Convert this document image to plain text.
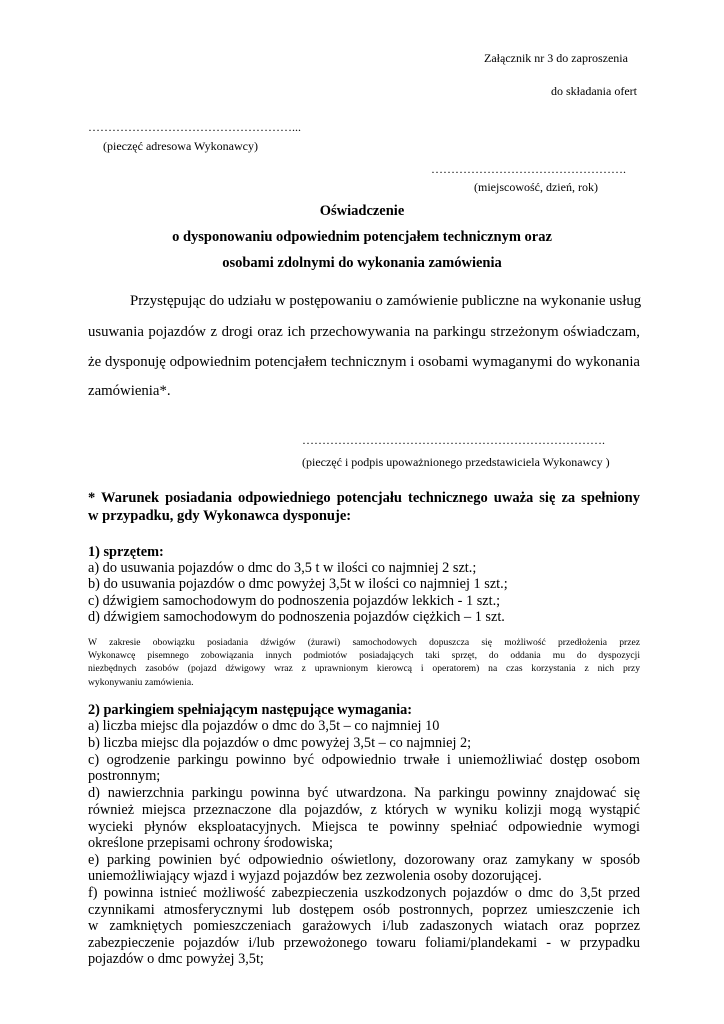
Załącznik nr 3 do zaproszenia
do składania ofert
……………………………………………...
(pieczęć adresowa Wykonawcy)
………………………………………….
(miejscowość, dzień, rok)
Oświadczenie
o dysponowaniu odpowiednim potencjałem technicznym oraz
osobami zdolnymi do wykonania zamówienia
Przystępując do udziału w postępowaniu o zamówienie publiczne na wykonanie usług
usuwania pojazdów z drogi oraz ich przechowywania na parkingu strzeżonym oświadczam,
że dysponuję odpowiednim potencjałem technicznym i osobami wymaganymi do wykonania
zamówienia*.
………………………………………………………………….
(pieczęć i podpis upoważnionego przedstawiciela Wykonawcy )
* Warunek posiadania odpowiedniego potencjału technicznego uważa się za spełniony
w przypadku, gdy Wykonawca dysponuje:
1) sprzętem:
a) do usuwania pojazdów o dmc do 3,5 t w ilości co najmniej 2 szt.;
b) do usuwania pojazdów o dmc powyżej 3,5t w ilości co najmniej 1 szt.;
c) dźwigiem samochodowym do podnoszenia pojazdów lekkich - 1 szt.;
d) dźwigiem samochodowym do podnoszenia pojazdów ciężkich – 1 szt.
W zakresie obowiązku posiadania dźwigów (żurawi) samochodowych dopuszcza się możliwość przedłożenia przez
Wykonawcę pisemnego zobowiązania innych podmiotów posiadających taki sprzęt, do oddania mu do dyspozycji
niezbędnych zasobów (pojazd dźwigowy wraz z uprawnionym kierowcą i operatorem) na czas korzystania z nich przy
wykonywaniu zamówienia.
2) parkingiem spełniającym następujące wymagania:
a) liczba miejsc dla pojazdów o dmc do 3,5t – co najmniej 10
b) liczba miejsc dla pojazdów o dmc powyżej 3,5t – co najmniej 2;
c) ogrodzenie parkingu powinno być odpowiednio trwałe i uniemożliwiać dostęp osobom
postronnym;
d) nawierzchnia parkingu powinna być utwardzona. Na parkingu powinny znajdować się
również miejsca przeznaczone dla pojazdów, z których w wyniku kolizji mogą wystąpić
wycieki płynów eksploatacyjnych. Miejsca te powinny spełniać odpowiednie wymogi
określone przepisami ochrony środowiska;
e) parking powinien być odpowiednio oświetlony, dozorowany oraz zamykany w sposób
uniemożliwiający wjazd i wyjazd pojazdów bez zezwolenia osoby dozorującej.
f) powinna istnieć możliwość zabezpieczenia uszkodzonych pojazdów o dmc do 3,5t przed
czynnikami atmosferycznymi lub dostępem osób postronnych, poprzez umieszczenie ich
w zamkniętych pomieszczeniach garażowych i/lub zadaszonych wiatach oraz poprzez
zabezpieczenie pojazdów i/lub przewożonego towaru foliami/plandekami - w przypadku
pojazdów o dmc powyżej 3,5t;
